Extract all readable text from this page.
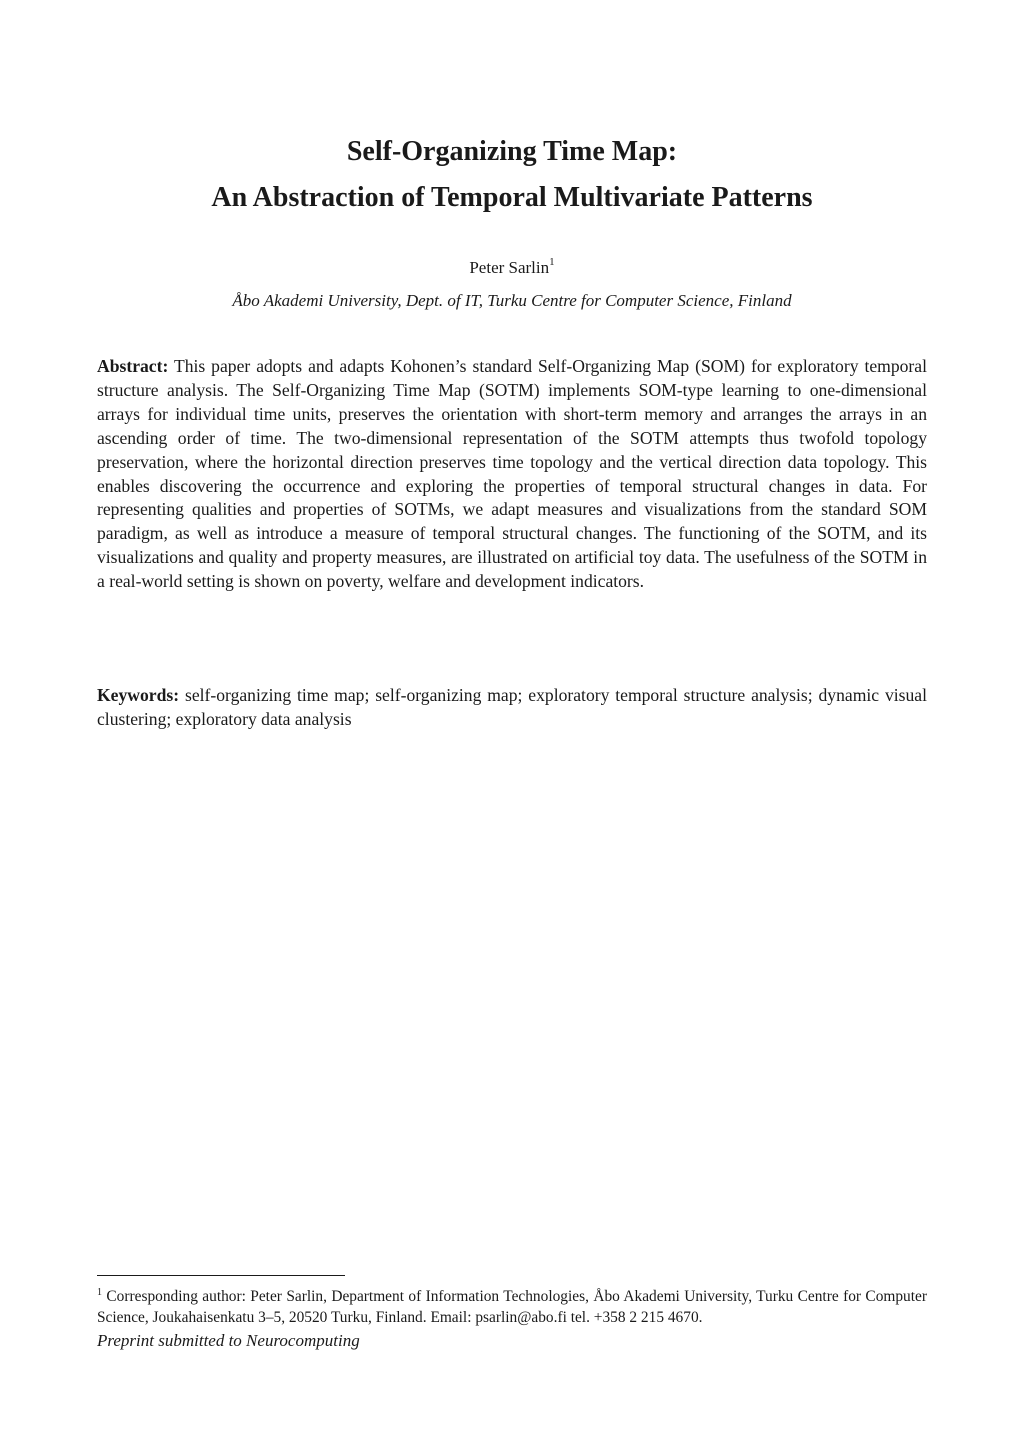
Self-Organizing Time Map:
An Abstraction of Temporal Multivariate Patterns
Peter Sarlin$^1$
Åbo Akademi University, Dept. of IT, Turku Centre for Computer Science, Finland

Abstract: This paper adopts and adapts Kohonen’s standard Self-Organizing Map (SOM) for exploratory temporal structure analysis. The Self-Organizing Time Map (SOTM) implements SOM-type learning to one-dimensional arrays for individual time units, preserves the orientation with short-term memory and arranges the arrays in an ascending order of time. The two-dimensional representation of the SOTM attempts thus twofold topology preservation, where the horizontal direction preserves time topology and the vertical direction data topology. This enables discovering the occurrence and exploring the properties of temporal structural changes in data. For representing qualities and properties of SOTMs, we adapt measures and visualizations from the standard SOM paradigm, as well as introduce a measure of temporal structural changes. The functioning of the SOTM, and its visualizations and quality and property measures, are illustrated on artificial toy data. The usefulness of the SOTM in a real-world setting is shown on poverty, welfare and development indicators.

Keywords: self-organizing time map; self-organizing map; exploratory temporal structure analysis; dynamic visual clustering; exploratory data analysis

$^1$ Corresponding author: Peter Sarlin, Department of Information Technologies, Åbo Akademi University, Turku Centre for Computer Science, Joukahaisenkatu 3–5, 20520 Turku, Finland. Email: psarlin@abo.fi tel. +358 2 215 4670.

Preprint submitted to Neurocomputing
